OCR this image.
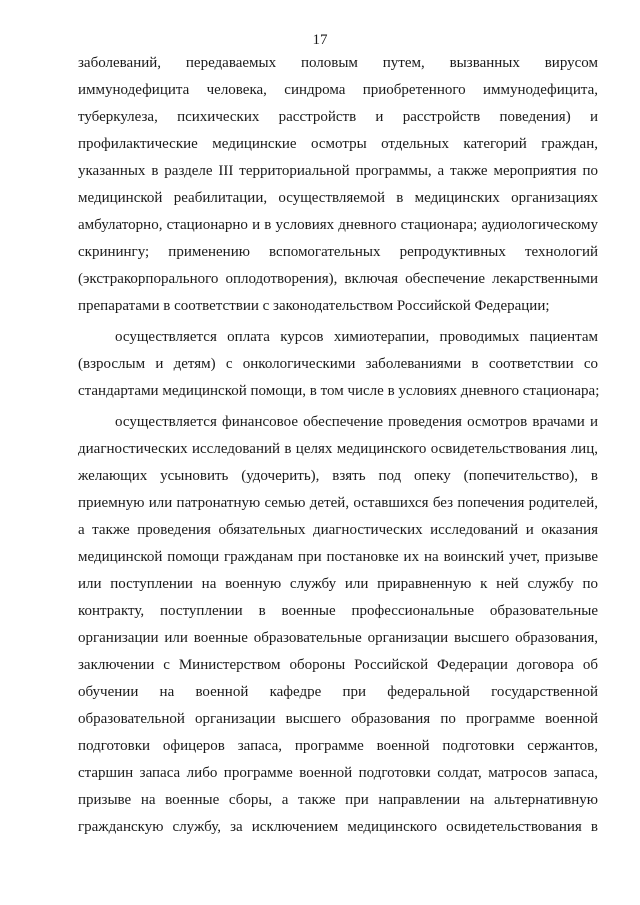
17
заболеваний, передаваемых половым путем, вызванных вирусом
иммунодефицита человека, синдрома приобретенного иммунодефицита,
туберкулеза, психических расстройств и расстройств поведения) и
профилактические медицинские осмотры отдельных категорий граждан,
указанных в разделе III территориальной программы, а также мероприятия по
медицинской реабилитации, осуществляемой в медицинских организациях
амбулаторно, стационарно и в условиях дневного стационара; аудиологическому
скринингу; применению вспомогательных репродуктивных технологий
(экстракорпорального оплодотворения), включая обеспечение лекарственными
препаратами в соответствии с законодательством Российской Федерации;
осуществляется оплата курсов химиотерапии, проводимых пациентам
(взрослым и детям) с онкологическими заболеваниями в соответствии со
стандартами медицинской помощи, в том числе в условиях дневного стационара;
осуществляется финансовое обеспечение проведения осмотров врачами и
диагностических исследований в целях медицинского освидетельствования лиц,
желающих усыновить (удочерить), взять под опеку (попечительство), в
приемную или патронатную семью детей, оставшихся без попечения родителей,
а также проведения обязательных диагностических исследований и оказания
медицинской помощи гражданам при постановке их на воинский учет, призыве
или поступлении на военную службу или приравненную к ней службу по
контракту, поступлении в военные профессиональные образовательные
организации или военные образовательные организации высшего образования,
заключении с Министерством обороны Российской Федерации договора об
обучении на военной кафедре при федеральной государственной
образовательной организации высшего образования по программе военной
подготовки офицеров запаса, программе военной подготовки сержантов,
старшин запаса либо программе военной подготовки солдат, матросов запаса,
призыве на военные сборы, а также при направлении на альтернативную
гражданскую службу, за исключением медицинского освидетельствования в
